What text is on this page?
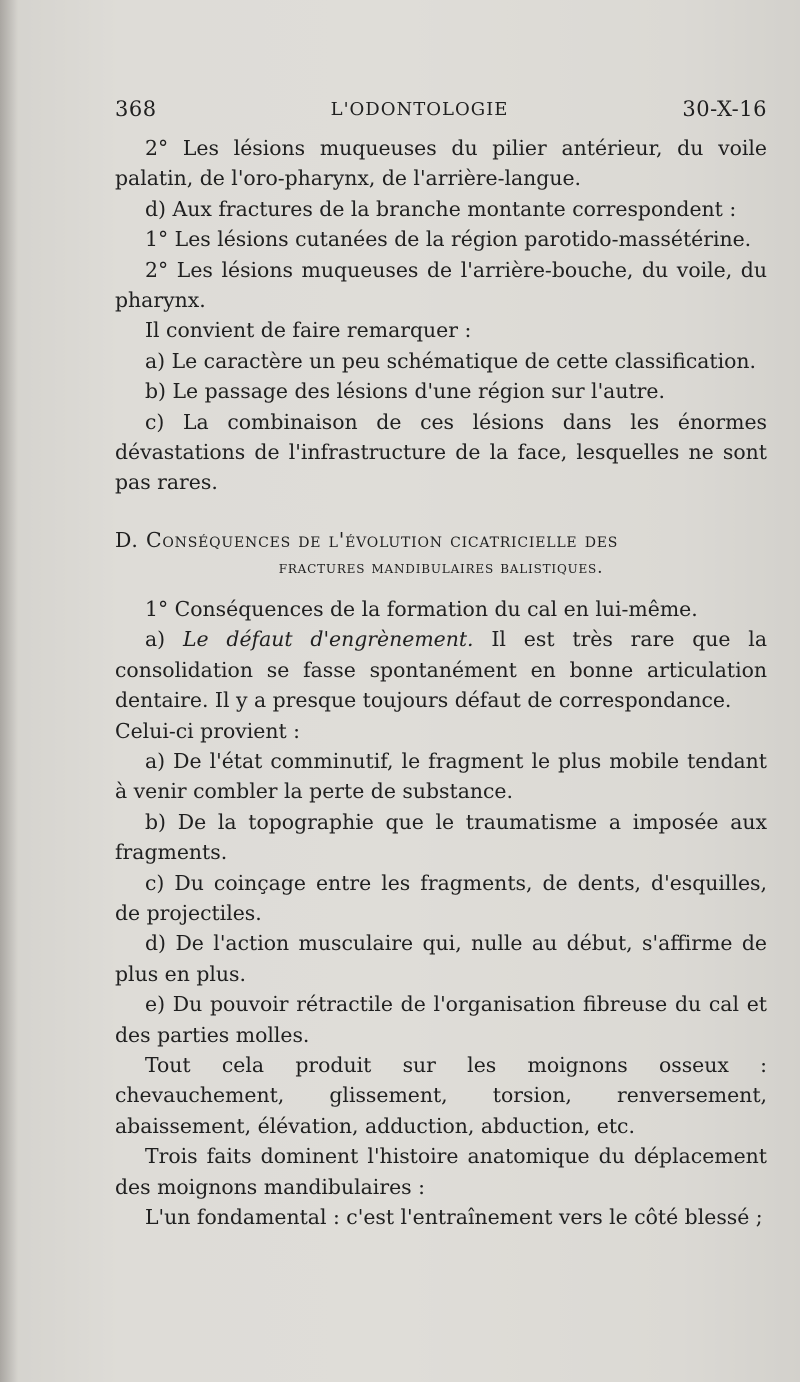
368	L'ODONTOLOGIE	30-X-16

2° Les lésions muqueuses du pilier antérieur, du voile palatin, de l'oro-pharynx, de l'arrière-langue.

d) Aux fractures de la branche montante correspondent :

1° Les lésions cutanées de la région parotido-massétérine.

2° Les lésions muqueuses de l'arrière-bouche, du voile, du pharynx.

Il convient de faire remarquer :

a) Le caractère un peu schématique de cette classification.

b) Le passage des lésions d'une région sur l'autre.

c) La combinaison de ces lésions dans les énormes dévastations de l'infrastructure de la face, lesquelles ne sont pas rares.

D. Conséquences de l'évolution cicatricielle des
fractures mandibulaires balistiques.

1° Conséquences de la formation du cal en lui-même.

a) Le défaut d'engrènement. Il est très rare que la consolidation se fasse spontanément en bonne articulation dentaire. Il y a presque toujours défaut de correspondance.

Celui-ci provient :

a) De l'état comminutif, le fragment le plus mobile tendant à venir combler la perte de substance.

b) De la topographie que le traumatisme a imposée aux fragments.

c) Du coinçage entre les fragments, de dents, d'esquilles, de projectiles.

d) De l'action musculaire qui, nulle au début, s'affirme de plus en plus.

e) Du pouvoir rétractile de l'organisation fibreuse du cal et des parties molles.

Tout cela produit sur les moignons osseux : chevauchement, glissement, torsion, renversement, abaissement, élévation, adduction, abduction, etc.

Trois faits dominent l'histoire anatomique du déplacement des moignons mandibulaires :

L'un fondamental : c'est l'entraînement vers le côté blessé ;
